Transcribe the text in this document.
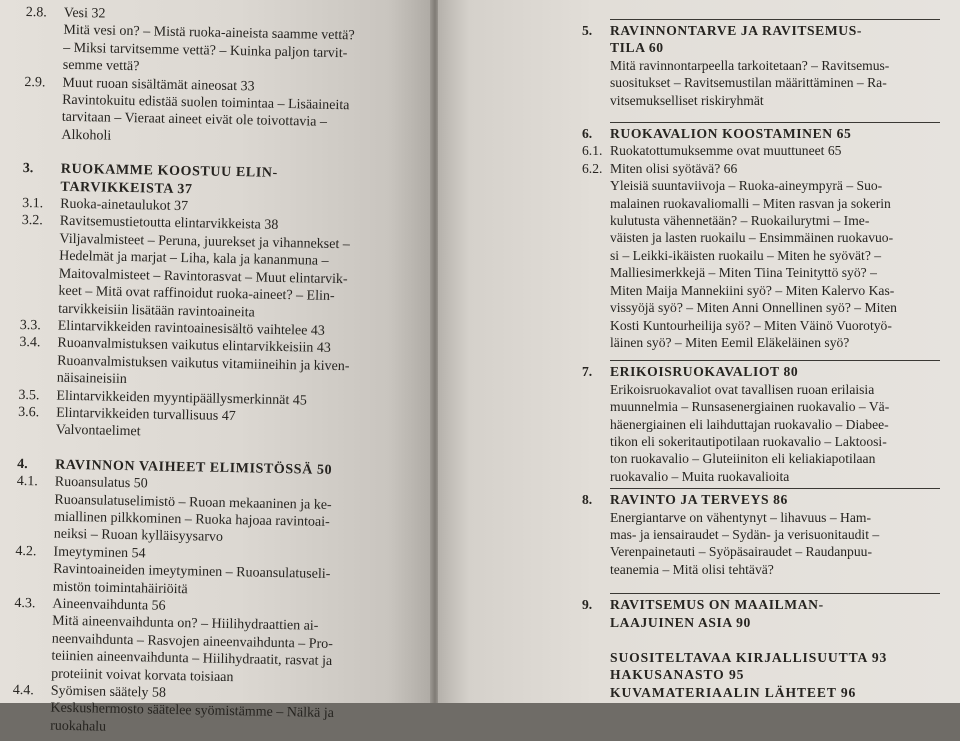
2.8.	Vesi 32
Mitä vesi on? – Mistä ruoka-aineista saamme vettä?
– Miksi tarvitsemme vettä? – Kuinka paljon tarvit-
semme vettä?
2.9.	Muut ruoan sisältämät aineosat 33
Ravintokuitu edistää suolen toimintaa – Lisäaineita
tarvitaan – Vieraat aineet eivät ole toivottavia –
Alkoholi
3.	RUOKAMME KOOSTUU ELIN-
TARVIKKEISTA 37
3.1.	Ruoka-ainetaulukot 37
3.2.	Ravitsemustietoutta elintarvikkeista 38
Viljavalmisteet – Peruna, juurekset ja vihannekset –
Hedelmät ja marjat – Liha, kala ja kananmuna –
Maitovalmisteet – Ravintorasvat – Muut elintarvik-
keet – Mitä ovat raffinoidut ruoka-aineet? – Elin-
tarvikkeisiin lisätään ravintoaineita
3.3.	Elintarvikkeiden ravintoainesisältö vaihtelee 43
3.4.	Ruoanvalmistuksen vaikutus elintarvikkeisiin 43
Ruoanvalmistuksen vaikutus vitamiineihin ja kiven-
näisaineisiin
3.5.	Elintarvikkeiden myyntipäällysmerkinnät 45
3.6.	Elintarvikkeiden turvallisuus 47
Valvontaelimet
4.	RAVINNON VAIHEET ELIMISTÖSSÄ 50
4.1.	Ruoansulatus 50
Ruoansulatuselimistö – Ruoan mekaaninen ja ke-
miallinen pilkkominen – Ruoka hajoaa ravintoai-
neiksi – Ruoan kylläisyysarvo
4.2.	Imeytyminen 54
Ravintoaineiden imeytyminen – Ruoansulatuseli-
mistön toimintahäiriöitä
4.3.	Aineenvaihdunta 56
Mitä aineenvaihdunta on? – Hiilihydraattien ai-
neenvaihdunta – Rasvojen aineenvaihdunta – Pro-
teiinien aineenvaihdunta – Hiilihydraatit, rasvat ja
proteiinit voivat korvata toisiaan
4.4.	Syömisen säätely 58
Keskushermosto säätelee syömistämme – Nälkä ja
ruokahalu
5.	RAVINNONTARVE JA RAVITSEMUS-
TILA 60
Mitä ravinnontarpeella tarkoitetaan? – Ravitsemus-
suositukset – Ravitsemustilan määrittäminen – Ra-
vitsemukselliset riskiryhmät
6.	RUOKAVALION KOOSTAMINEN 65
6.1. Ruokatottumuksemme ovat muuttuneet 65
6.2. Miten olisi syötävä? 66
Yleisiä suuntaviivoja – Ruoka-aineympyrä – Suo-
malainen ruokavaliomalli – Miten rasvan ja sokerin
kulutusta vähennetään? – Ruokailurytmi – Ime-
väisten ja lasten ruokailu – Ensimmäinen ruokavuo-
si – Leikki-ikäisten ruokailu – Miten he syövät? –
Malliesimerkkejä – Miten Tiina Teinityttö syö? –
Miten Maija Mannekiini syö? – Miten Kalervo Kas-
vissyöjä syö? – Miten Anni Onnellinen syö? – Miten
Kosti Kuntourheilija syö? – Miten Väinö Vuorotyö-
läinen syö? – Miten Eemil Eläkeläinen syö?
7.	ERIKOISRUOKAVALIOT 80
Erikoisruokavaliot ovat tavallisen ruoan erilaisia
muunnelmia – Runsasenergiainen ruokavalio – Vä-
häenergiainen eli laihduttajan ruokavalio – Diabee-
tikon eli sokeritautipotilaan ruokavalio – Laktoosi-
ton ruokavalio – Gluteiiniton eli keliakiapotilaan
ruokavalio – Muita ruokavalioita
8.	RAVINTO JA TERVEYS 86
Energiantarve on vähentynyt – lihavuus – Ham-
mas- ja iensairaudet – Sydän- ja verisuonitaudit –
Verenpainetauti – Syöpäsairaudet – Raudanpuu-
teanemia – Mitä olisi tehtävä?
9.	RAVITSEMUS ON MAAILMAN-
LAAJUINEN ASIA 90
SUOSITELTAVAA KIRJALLISUUTTA 93
HAKUSANASTO 95
KUVAMATERIAALIN LÄHTEET 96
